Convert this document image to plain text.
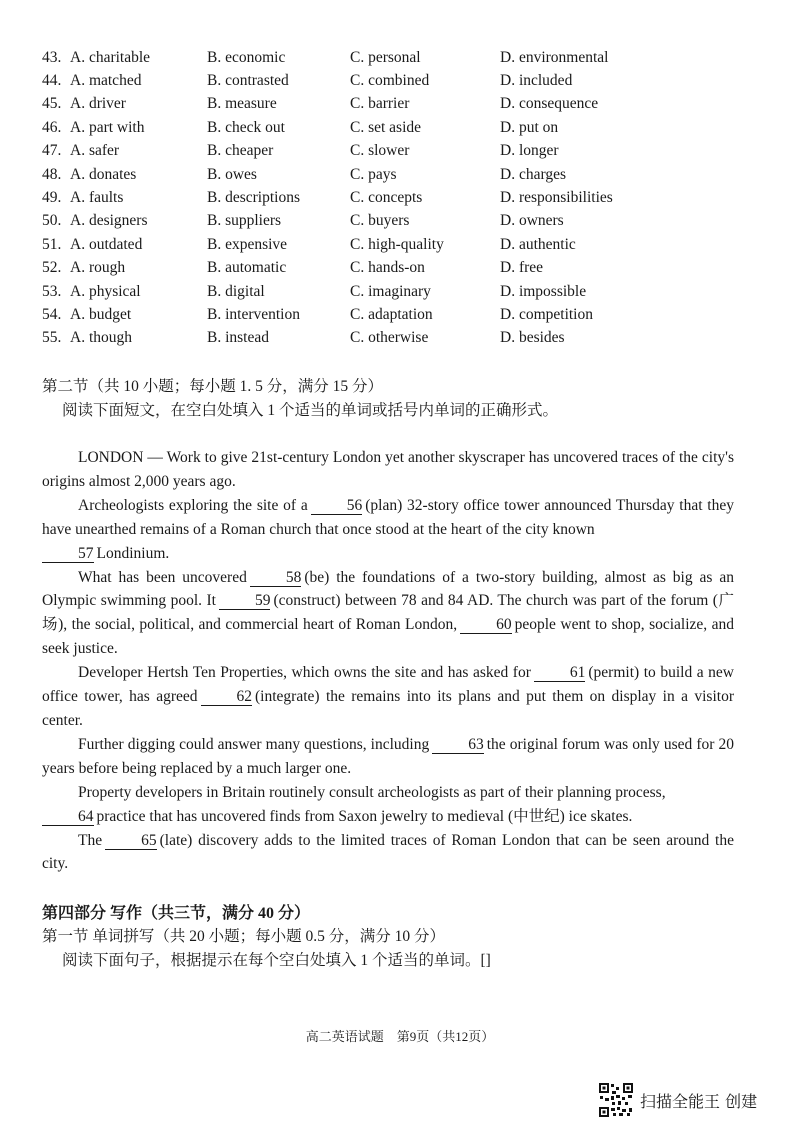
43. A. charitable	B. economic	C. personal	D. environmental
44. A. matched	B. contrasted	C. combined	D. included
45. A. driver	B. measure	C. barrier	D. consequence
46. A. part with	B. check out	C. set aside	D. put on
47. A. safer	B. cheaper	C. slower	D. longer
48. A. donates	B. owes	C. pays	D. charges
49. A. faults	B. descriptions	C. concepts	D. responsibilities
50. A. designers	B. suppliers	C. buyers	D. owners
51. A. outdated	B. expensive	C. high-quality	D. authentic
52. A. rough	B. automatic	C. hands-on	D. free
53. A. physical	B. digital	C. imaginary	D. impossible
54. A. budget	B. intervention	C. adaptation	D. competition
55. A. though	B. instead	C. otherwise	D. besides
第二节（共 10 小题；每小题 1. 5 分，满分 15 分）
阅读下面短文，在空白处填入 1 个适当的单词或括号内单词的正确形式。

LONDON — Work to give 21st-century London yet another skyscraper has uncovered traces of the city's origins almost 2,000 years ago.

Archeologists exploring the site of a	56 (plan) 32-story office tower announced Thursday that they have unearthed remains of a Roman church that once stood at the heart of the city known
57 Londinium.

What has been uncovered	58 (be) the foundations of a two-story building, almost as big as an Olympic swimming pool. It	59 (construct) between 78 and 84 AD. The church was part of the forum (广场), the social, political, and commercial heart of Roman London,	60 people went to shop, socialize, and seek justice.

Developer Hertsh Ten Properties, which owns the site and has asked for	61 (permit) to build a new office tower, has agreed	62 (integrate) the remains into its plans and put them on display in a visitor center.

Further digging could answer many questions, including	63 the original forum was only used for 20 years before being replaced by a much larger one.

Property developers in Britain routinely consult archeologists as part of their planning process,
64 practice that has uncovered finds from Saxon jewelry to medieval (中世纪) ice skates.

The	65 (late) discovery adds to the limited traces of Roman London that can be seen around the city.

第四部分 写作（共三节，满分 40 分）
第一节 单词拼写（共 20 小题；每小题 0.5 分，满分 10 分）
阅读下面句子，根据提示在每个空白处填入 1 个适当的单词。[]
高二英语试题　第9页（共12页）
扫描全能王 创建
